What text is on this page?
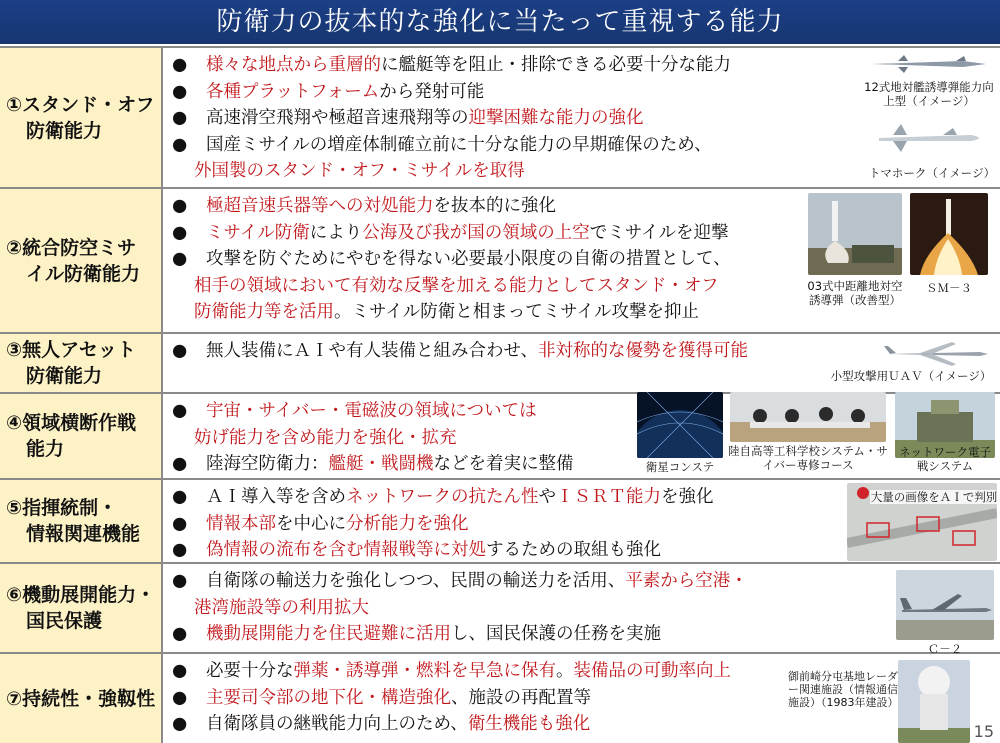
防衛力の抜本的な強化に当たって重視する能力
①スタンド・オフ
防衛能力
● 様々な地点から重層的に艦艇等を阻止・排除できる必要十分な能力
● 各種プラットフォームから発射可能
● 高速滑空飛翔や極超音速飛翔等の迎撃困難な能力の強化
● 国産ミサイルの増産体制確立前に十分な能力の早期確保のため、
外国製のスタンド・オフ・ミサイルを取得
②統合防空ミサ
イル防衛能力
● 極超音速兵器等への対処能力を抜本的に強化
● ミサイル防衛により公海及び我が国の領域の上空でミサイルを迎撃
● 攻撃を防ぐためにやむを得ない必要最小限度の自衛の措置として、
相手の領域において有効な反撃を加える能力としてスタンド・オフ
防衛能力等を活用。ミサイル防衛と相まってミサイル攻撃を抑止
③無人アセット
防衛能力
● 無人装備にＡＩや有人装備と組み合わせ、非対称的な優勢を獲得可能
④領域横断作戦
能力
● 宇宙・サイバー・電磁波の領域については
妨げ能力を含め能力を強化・拡充
● 陸海空防衛力：艦艇・戦闘機などを着実に整備
⑤指揮統制・
情報関連機能
● ＡＩ導入等を含めネットワークの抗たん性やＩＳＲＴ能力を強化
● 情報本部を中心に分析能力を強化
● 偽情報の流布を含む情報戦等に対処するための取組も強化
⑥機動展開能力・
国民保護
● 自衛隊の輸送力を強化しつつ、民間の輸送力を活用、平素から空港・
港湾施設等の利用拡大
● 機動展開能力を住民避難に活用し、国民保護の任務を実施
⑦持続性・強靱性
● 必要十分な弾薬・誘導弾・燃料を早急に保有。装備品の可動率向上
● 主要司令部の地下化・構造強化、施設の再配置等
● 自衛隊員の継戦能力向上のため、衛生機能も強化
12式地対艦誘導弾能力向上型（イメージ）
トマホーク（イメージ）
03式中距離地対空誘導弾（改善型）
ＳＭ－３
小型攻撃用ＵＡＶ（イメージ）
衛星コンステ
陸自高等工科学校システム・サイバー専修コース
ネットワーク電子戦システム
大量の画像をＡＩで判別
Ｃ－２
御前崎分屯基地レーダー関連施設（情報通信施設）（1983年建設）
15
